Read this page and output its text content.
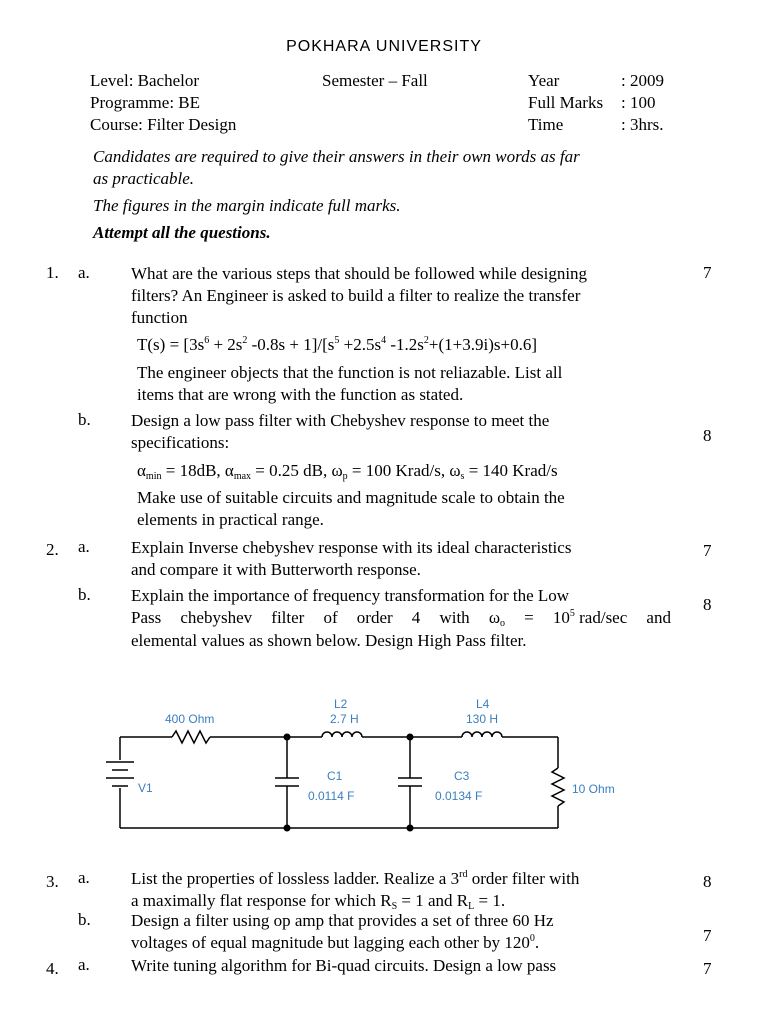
POKHARA UNIVERSITY
Level: Bachelor	Semester – Fall	Year	: 2009
Programme: BE	Full Marks : 100
Course: Filter Design	Time	: 3hrs.
Candidates are required to give their answers in their own words as far
as practicable.
The figures in the margin indicate full marks.
Attempt all the questions.
1. a. What are the various steps that should be followed while designing
filters? An Engineer is asked to build a filter to realize the transfer
function
7
$T(s) = [3s^6 + 2s^2$ $-0.8s + 1]/[s^5 +2.5s^4$ $-1.2s^2+(1+3.9i)s+0.6$]
The engineer objects that the function is not reliazable. List all
items that are wrong with the function as stated.
b. Design a low pass filter with Chebyshev response to meet the
specifications:	8
$\alpha_{min} = 18dB$, $\alpha_{max} = 0.25$ dB, $\omega_p = 100$ Krad/s, $\omega_s = 140$ Krad/s
Make use of suitable circuits and magnitude scale to obtain the
elements in practical range.
2. a. Explain Inverse chebyshev response with its ideal characteristics
and compare it with Butterworth response.
7
b. Explain the importance of frequency transformation for the Low
Pass chebyshev filter of order 4 with $\omega_o = 10^5$ rad/sec and
elemental values as shown below. Design High Pass filter.
8
400 Ohm
L2
2.7 H
L4
130 H
C1
0.0114 F
C3
0.0134 F
V1	10 Ohm
3. a. List the properties of lossless ladder. Realize a 3rd order filter with
a maximally flat response for which $R_S = 1$ and $R_L = 1$.
8
b. Design a filter using op amp that provides a set of three 60 Hz
voltages of equal magnitude but lagging each other by $120^0$.	7
4. a. Write tuning algorithm for Bi-quad circuits. Design a low pass	7
